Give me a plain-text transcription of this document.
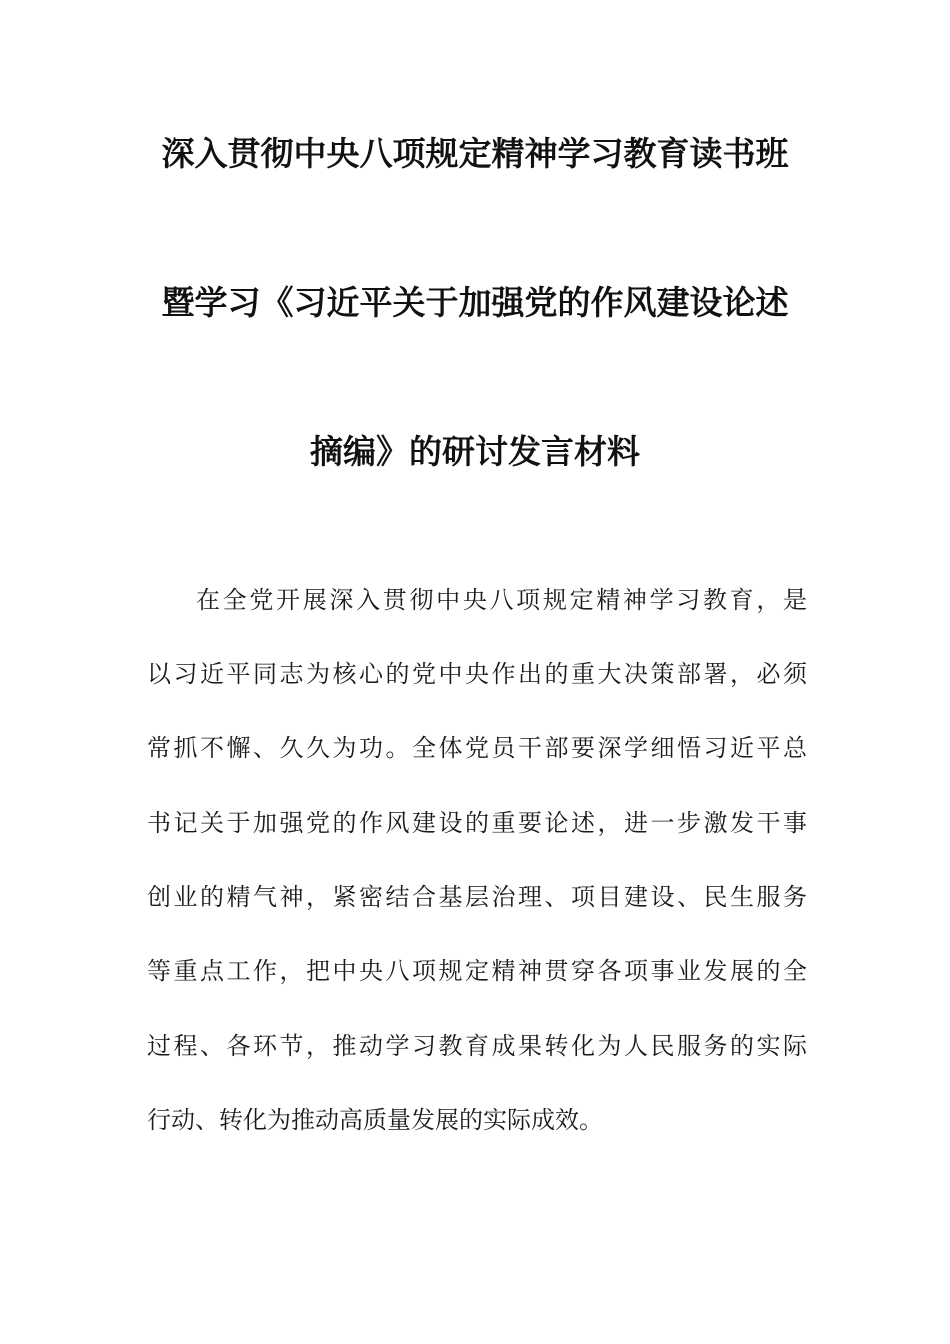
深入贯彻中央八项规定精神学习教育读书班
暨学习《习近平关于加强党的作风建设论述
摘编》的研讨发言材料
在全党开展深入贯彻中央八项规定精神学习教育，是
以习近平同志为核心的党中央作出的重大决策部署，必须
常抓不懈、久久为功。全体党员干部要深学细悟习近平总
书记关于加强党的作风建设的重要论述，进一步激发干事
创业的精气神，紧密结合基层治理、项目建设、民生服务
等重点工作，把中央八项规定精神贯穿各项事业发展的全
过程、各环节，推动学习教育成果转化为人民服务的实际
行动、转化为推动高质量发展的实际成效。
